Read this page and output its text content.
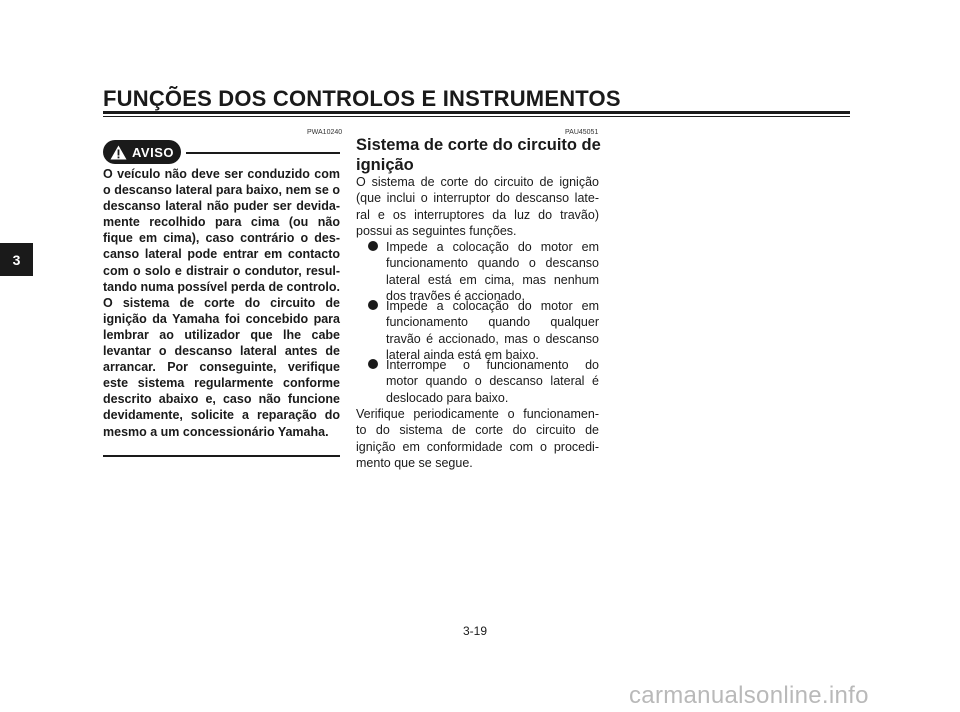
FUNÇÕES DOS CONTROLOS E INSTRUMENTOS
3
PWA10240
AVISO
O veículo não deve ser conduzido com
o descanso lateral para baixo, nem se o
descanso lateral não puder ser devida-
mente recolhido para cima (ou não
fique em cima), caso contrário o des-
canso lateral pode entrar em contacto
com o solo e distrair o condutor, resul-
tando numa possível perda de controlo.
O sistema de corte do circuito de
ignição da Yamaha foi concebido para
lembrar ao utilizador que lhe cabe
levantar o descanso lateral antes de
arrancar. Por conseguinte, verifique
este sistema regularmente conforme
descrito abaixo e, caso não funcione
devidamente, solicite a reparação do
mesmo a um concessionário Yamaha.
PAU45051
Sistema de corte do circuito de
ignição
O sistema de corte do circuito de ignição
(que inclui o interruptor do descanso late-
ral e os interruptores da luz do travão)
possui as seguintes funções.
Impede a colocação do motor em
funcionamento quando o descanso
lateral está em cima, mas nenhum
dos travões é accionado.
Impede a colocação do motor em
funcionamento quando qualquer
travão é accionado, mas o descanso
lateral ainda está em baixo.
Interrompe o funcionamento do
motor quando o descanso lateral é
deslocado para baixo.
Verifique periodicamente o funcionamen-
to do sistema de corte do circuito de
ignição em conformidade com o procedi-
mento que se segue.
3-19
carmanualsonline.info
